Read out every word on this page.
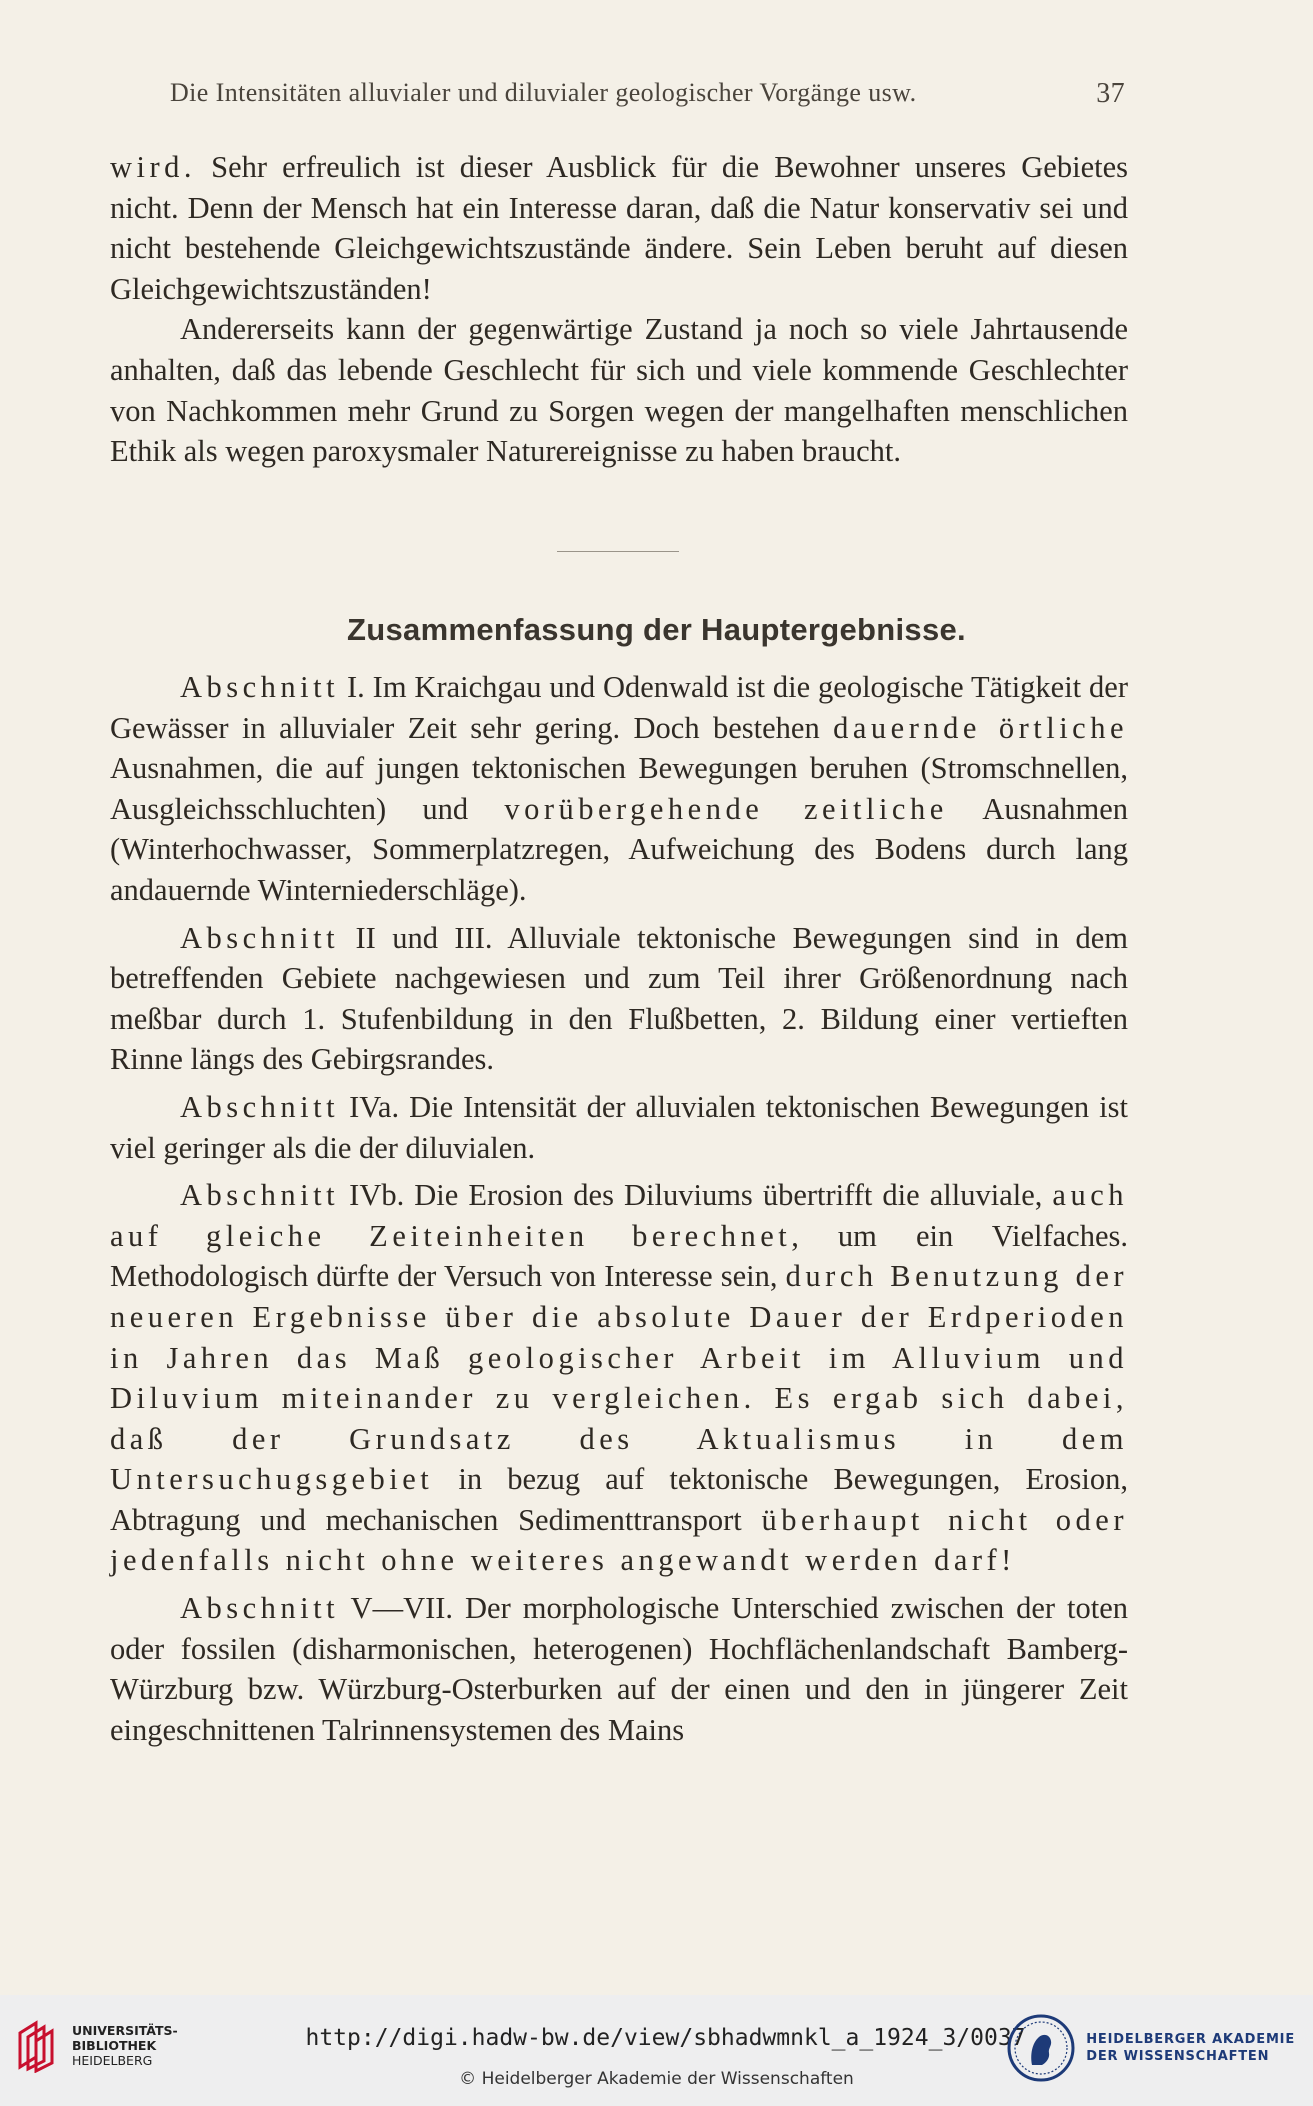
Die Intensitäten alluvialer und diluvialer geologischer Vorgänge usw.	37

wird. Sehr erfreulich ist dieser Ausblick für die Bewohner unseres Gebietes nicht. Denn der Mensch hat ein Interesse daran, daß die Natur konservativ sei und nicht bestehende Gleichgewichtszustände ändere. Sein Leben beruht auf diesen Gleichgewichtszuständen!

Andererseits kann der gegenwärtige Zustand ja noch so viele Jahrtausende anhalten, daß das lebende Geschlecht für sich und viele kommende Geschlechter von Nachkommen mehr Grund zu Sorgen wegen der mangelhaften menschlichen Ethik als wegen paroxysmaler Naturereignisse zu haben braucht.

Zusammenfassung der Hauptergebnisse.

Abschnitt I. Im Kraichgau und Odenwald ist die geologische Tätigkeit der Gewässer in alluvialer Zeit sehr gering. Doch bestehen dauernde örtliche Ausnahmen, die auf jungen tektonischen Bewegungen beruhen (Stromschnellen, Ausgleichsschluchten) und vorübergehende zeitliche Ausnahmen (Winterhochwasser, Sommerplatzregen, Aufweichung des Bodens durch lang andauernde Winterniederschläge).

Abschnitt II und III. Alluviale tektonische Bewegungen sind in dem betreffenden Gebiete nachgewiesen und zum Teil ihrer Größenordnung nach meßbar durch 1. Stufenbildung in den Flußbetten, 2. Bildung einer vertieften Rinne längs des Gebirgsrandes.

Abschnitt IVa. Die Intensität der alluvialen tektonischen Bewegungen ist viel geringer als die der diluvialen.

Abschnitt IVb. Die Erosion des Diluviums übertrifft die alluviale, auch auf gleiche Zeiteinheiten berechnet, um ein Vielfaches. Methodologisch dürfte der Versuch von Interesse sein, durch Benutzung der neueren Ergebnisse über die absolute Dauer der Erdperioden in Jahren das Maß geologischer Arbeit im Alluvium und Diluvium miteinander zu vergleichen. Es ergab sich dabei, daß der Grundsatz des Aktualismus in dem Untersuchugsgebiet in bezug auf tektonische Bewegungen, Erosion, Abtragung und mechanischen Sedimenttransport überhaupt nicht oder jedenfalls nicht ohne weiteres angewandt werden darf!

Abschnitt V—VII. Der morphologische Unterschied zwischen der toten oder fossilen (disharmonischen, heterogenen) Hochflächenlandschaft Bamberg-Würzburg bzw. Würzburg-Osterburken auf der einen und den in jüngerer Zeit eingeschnittenen Talrinnensystemen des Mains

UNIVERSITÄTS-
BIBLIOTHEK
HEIDELBERG
http://digi.hadw-bw.de/view/sbhadwmnkl_a_1924_3/0037
© Heidelberger Akademie der Wissenschaften
HEIDELBERGER AKADEMIE
DER WISSENSCHAFTEN
